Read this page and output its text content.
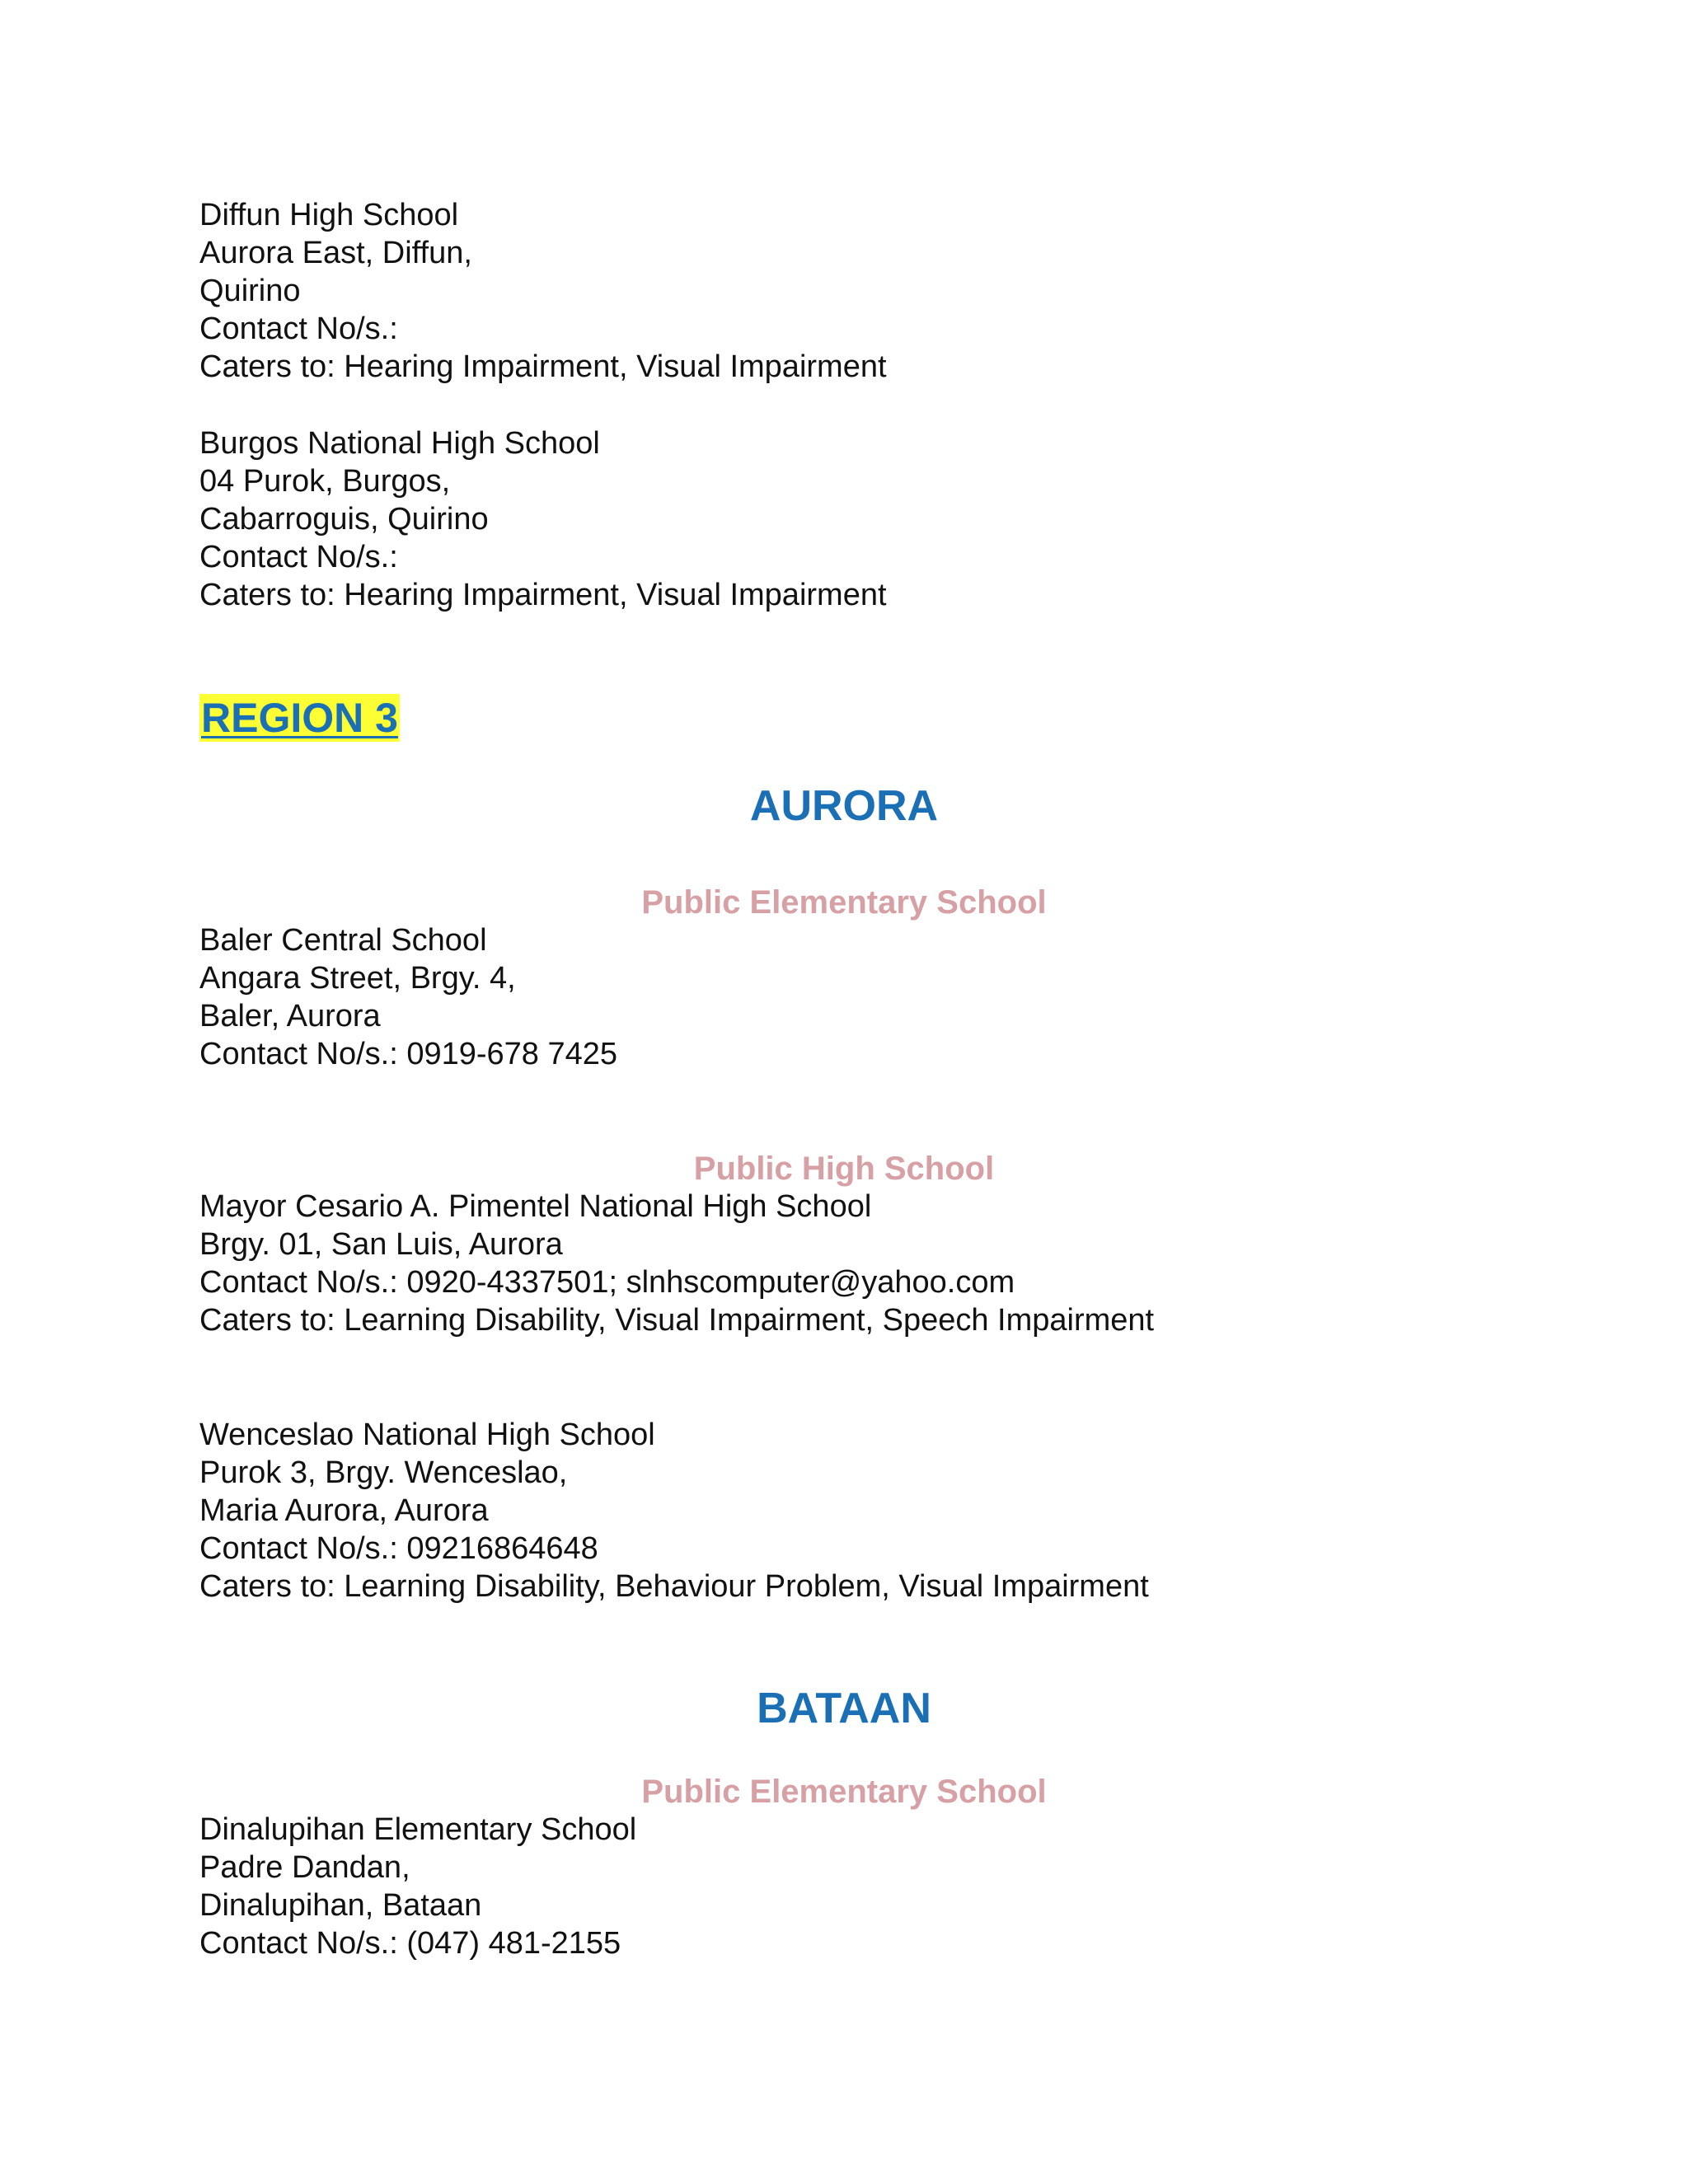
Diffun High School
Aurora East, Diffun,
Quirino
Contact No/s.:
Caters to: Hearing Impairment, Visual Impairment
Burgos National High School
04 Purok, Burgos,
Cabarroguis, Quirino
Contact No/s.:
Caters to: Hearing Impairment, Visual Impairment
REGION 3
AURORA
Public Elementary School
Baler Central School
Angara Street, Brgy. 4,
Baler, Aurora
Contact No/s.: 0919-678 7425
Public High School
Mayor Cesario A. Pimentel National High School
Brgy. 01, San Luis, Aurora
Contact No/s.: 0920-4337501; slnhscomputer@yahoo.com
Caters to: Learning Disability, Visual Impairment, Speech Impairment
Wenceslao National High School
Purok 3, Brgy. Wenceslao,
Maria Aurora, Aurora
Contact No/s.: 09216864648
Caters to: Learning Disability, Behaviour Problem, Visual Impairment
BATAAN
Public Elementary School
Dinalupihan Elementary School
Padre Dandan,
Dinalupihan, Bataan
Contact No/s.: (047) 481-2155
